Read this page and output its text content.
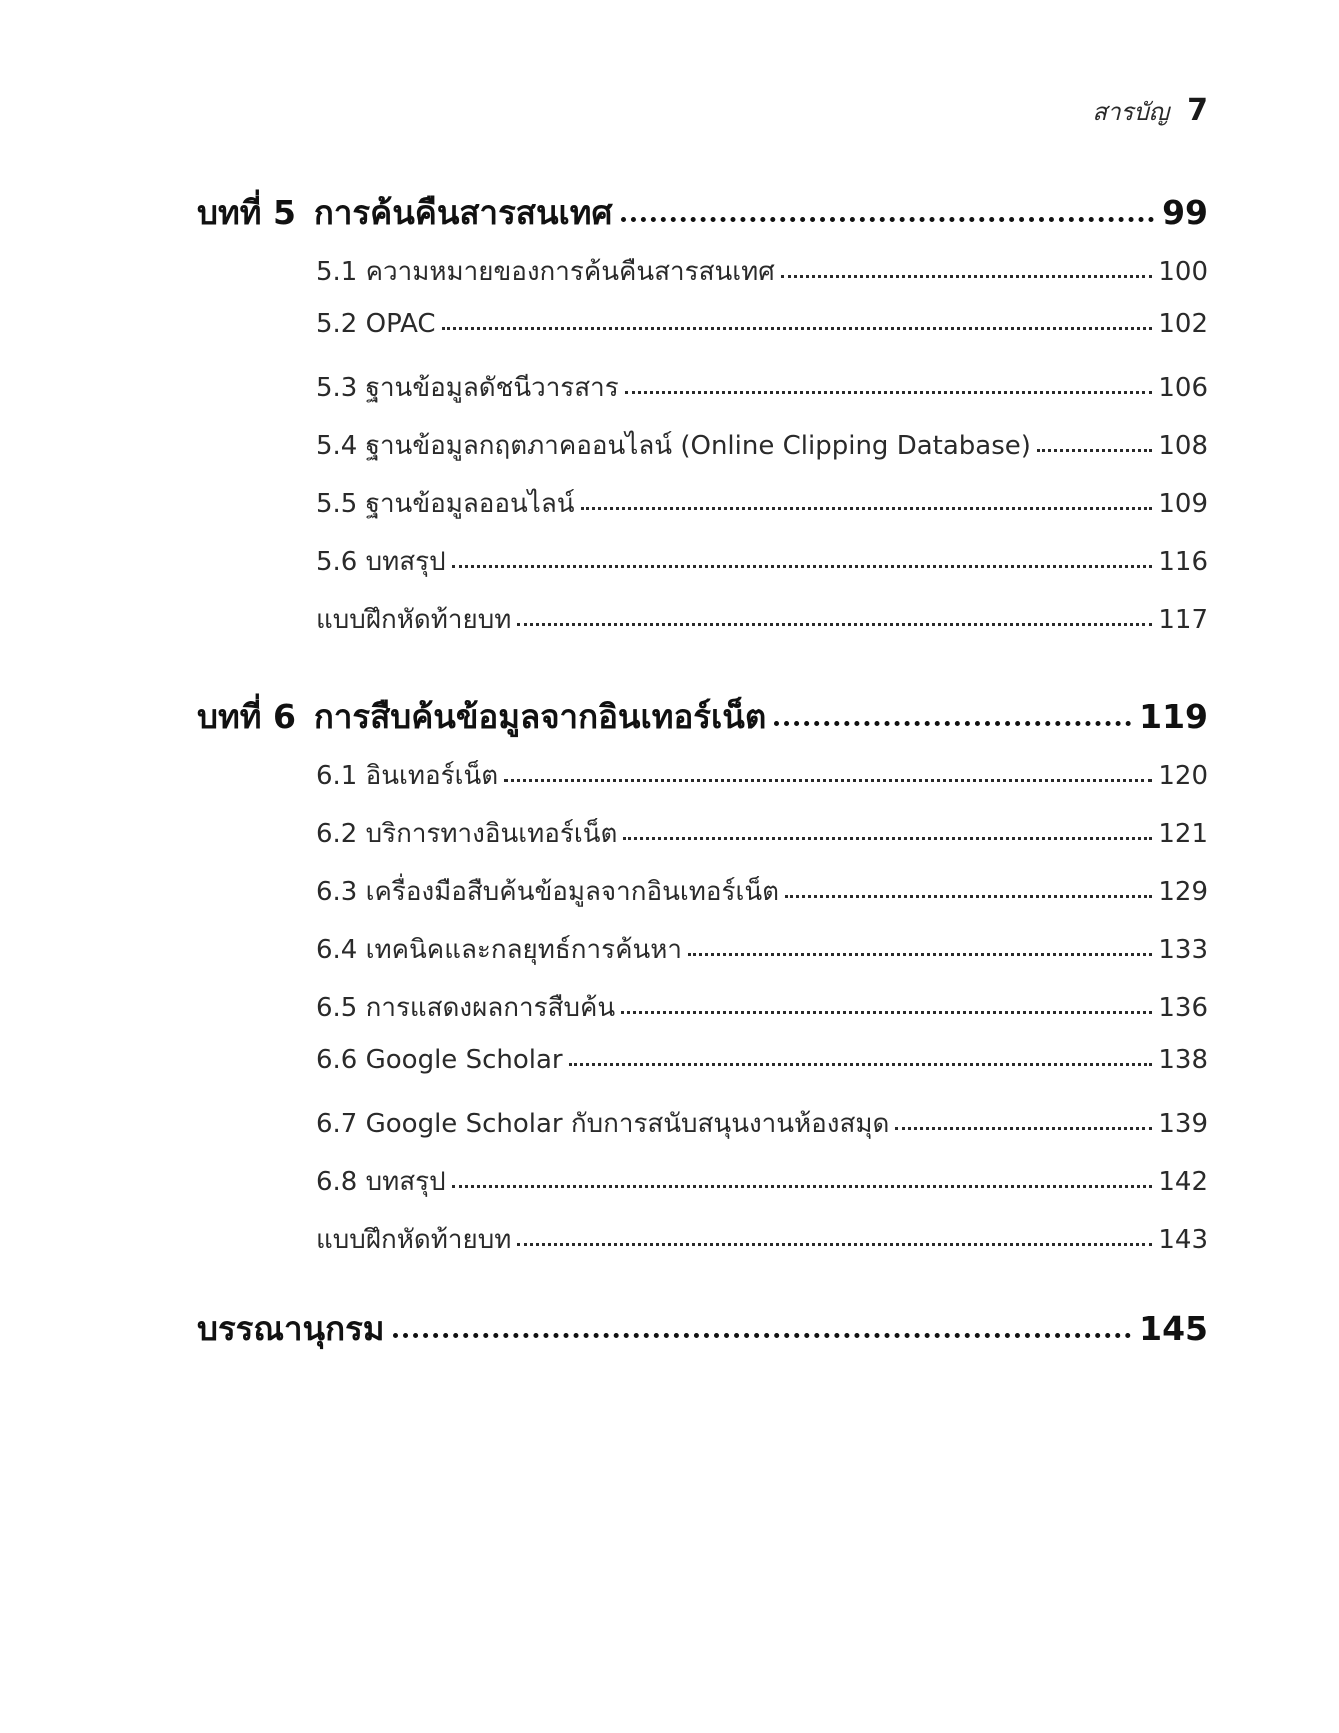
สารบัญ 7
บทที่ 5 การค้นคืนสารสนเทศ	99
5.1 ความหมายของการค้นคืนสารสนเทศ	100
5.2 OPAC	102
5.3 ฐานข้อมูลดัชนีวารสาร	106
5.4 ฐานข้อมูลกฤตภาคออนไลน์ (Online Clipping Database)	108
5.5 ฐานข้อมูลออนไลน์	109
5.6 บทสรุป	116
แบบฝึกหัดท้ายบท	117
บทที่ 6 การสืบค้นข้อมูลจากอินเทอร์เน็ต	119
6.1 อินเทอร์เน็ต	120
6.2 บริการทางอินเทอร์เน็ต	121
6.3 เครื่องมือสืบค้นข้อมูลจากอินเทอร์เน็ต	129
6.4 เทคนิคและกลยุทธ์การค้นหา	133
6.5 การแสดงผลการสืบค้น	136
6.6 Google Scholar	138
6.7 Google Scholar กับการสนับสนุนงานห้องสมุด	139
6.8 บทสรุป	142
แบบฝึกหัดท้ายบท	143
บรรณานุกรม	145
